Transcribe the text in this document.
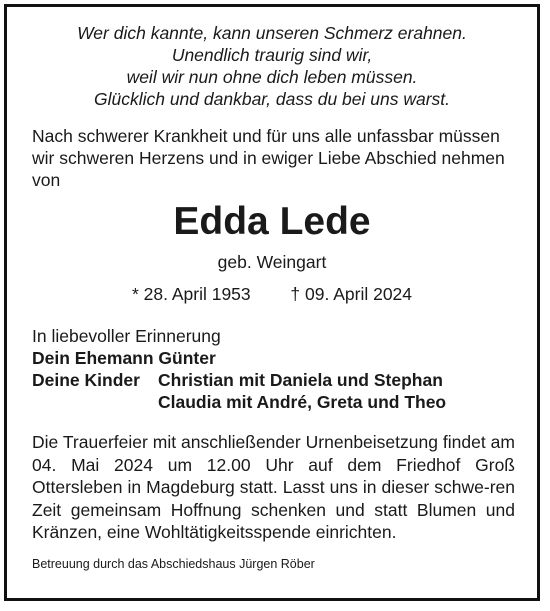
Wer dich kannte, kann unseren Schmerz erahnen.
Unendlich traurig sind wir,
weil wir nun ohne dich leben müssen.
Glücklich und dankbar, dass du bei uns warst.
Nach schwerer Krankheit und für uns alle unfassbar müssen
wir schweren Herzens und in ewiger Liebe Abschied nehmen
von
Edda Lede
geb. Weingart
* 28. April 1953 † 09. April 2024
In liebevoller Erinnerung
Dein Ehemann Günter
Deine Kinder	Christian mit Daniela und Stephan
Claudia mit André, Greta und Theo
Die Trauerfeier mit anschließender Urnenbeisetzung findet am 04. Mai 2024 um 12.00 Uhr auf dem Friedhof Groß Ottersleben in Magdeburg statt. Lasst uns in dieser schwe-ren Zeit gemeinsam Hoffnung schenken und statt Blumen und Kränzen, eine Wohltätigkeitsspende einrichten.
Betreuung durch das Abschiedshaus Jürgen Röber
